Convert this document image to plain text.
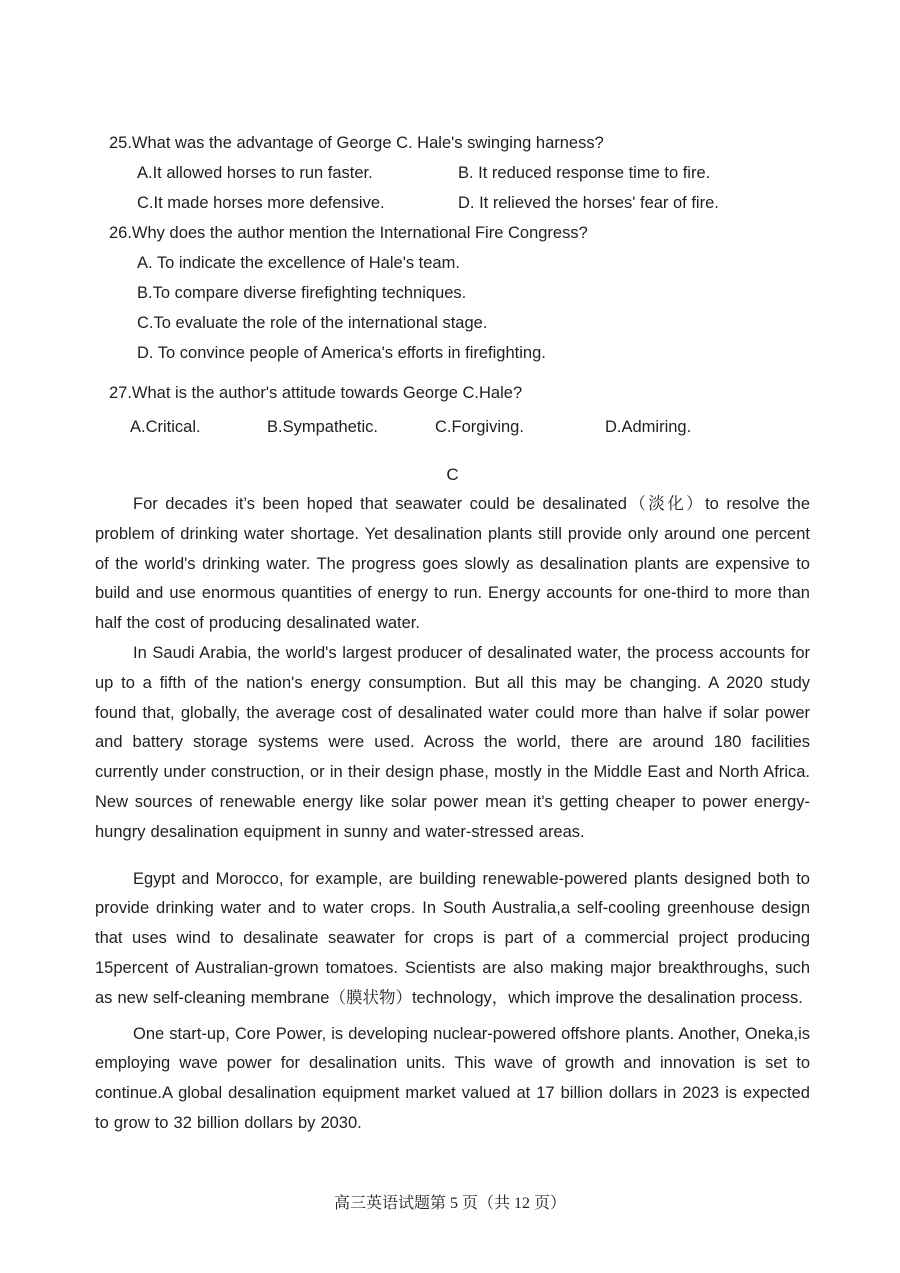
25.What was the advantage of George C. Hale's swinging harness?
A.It allowed horses to run faster.	B. It reduced response time to fire.
C.It made horses more defensive.	D. It relieved the horses' fear of fire.
26.Why does the author mention the International Fire Congress?
A. To indicate the excellence of Hale's team.
B.To compare diverse firefighting techniques.
C.To evaluate the role of the international stage.
D. To convince people of America's efforts in firefighting.
27.What is the author's attitude towards George C.Hale?
A.Critical.	B.Sympathetic.	C.Forgiving.	D.Admiring.
C

For decades it’s been hoped that seawater could be desalinated（淡化）to resolve the problem of drinking water shortage. Yet desalination plants still provide only around one percent of the world's drinking water. The progress goes slowly as desalination plants are expensive to build and use enormous quantities of energy to run. Energy accounts for one-third to more than half the cost of producing desalinated water.

In Saudi Arabia, the world's largest producer of desalinated water, the process accounts for up to a fifth of the nation's energy consumption. But all this may be changing. A 2020 study found that, globally, the average cost of desalinated water could more than halve if solar power and battery storage systems were used. Across the world, there are around 180 facilities currently under construction, or in their design phase, mostly in the Middle East and North Africa. New sources of renewable energy like solar power mean it's getting cheaper to power energy-hungry desalination equipment in sunny and water-stressed areas.

Egypt and Morocco, for example, are building renewable-powered plants designed both to provide drinking water and to water crops. In South Australia,a self-cooling greenhouse design that uses wind to desalinate seawater for crops is part of a commercial project producing 15percent of Australian-grown tomatoes. Scientists are also making major breakthroughs, such as new self-cleaning membrane（膜状物）technology，which improve the desalination process.

One start-up, Core Power, is developing nuclear-powered offshore plants. Another, Oneka,is employing wave power for desalination units. This wave of growth and innovation is set to continue.A global desalination equipment market valued at 17 billion dollars in 2023 is expected to grow to 32 billion dollars by 2030.

高三英语试题第 5 页（共 12 页）
